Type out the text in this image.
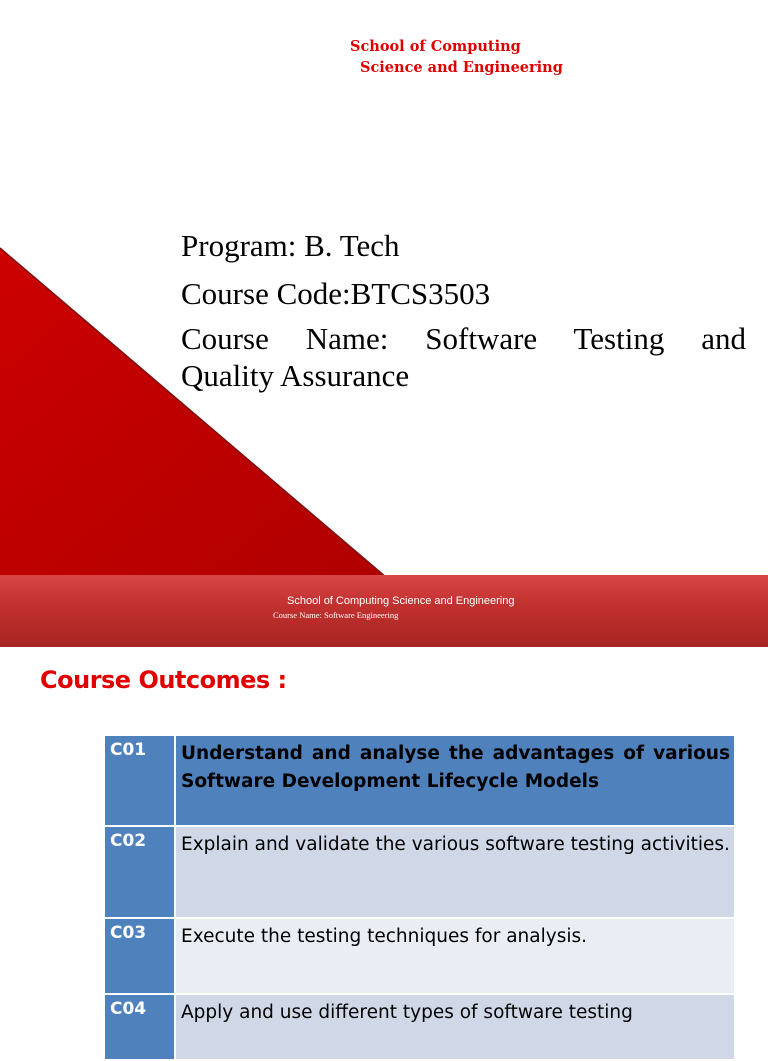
School of Computing
Science and Engineering
Program: B. Tech
Course Code:BTCS3503
Course Name: Software Testing and
Quality Assurance
School of Computing Science and Engineering
Course Name: Software Engineering
Course Outcomes :
C01	Understand and analyse the advantages of various Software Development Lifecycle Models
C02	Explain and validate the various software testing activities.
C03	Execute the testing techniques for analysis.
C04	Apply and use different types of software testing
